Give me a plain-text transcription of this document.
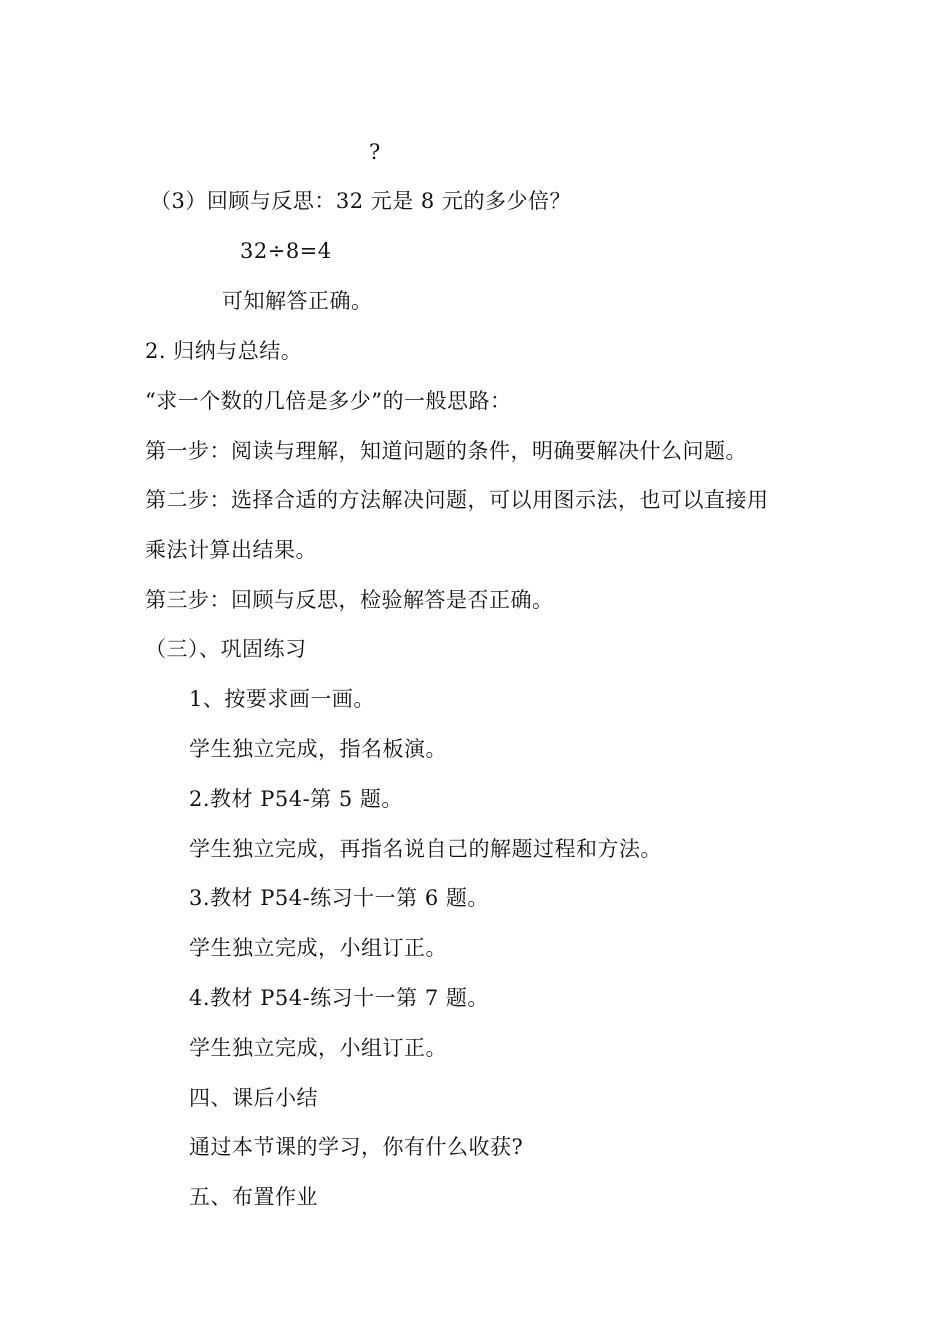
?
（3）回顾与反思：32 元是 8 元的多少倍？
32÷8=4
可知解答正确。
2. 归纳与总结。
“求一个数的几倍是多少”的一般思路：
第一步：阅读与理解，知道问题的条件，明确要解决什么问题。
第二步：选择合适的方法解决问题，可以用图示法，也可以直接用
乘法计算出结果。
第三步：回顾与反思，检验解答是否正确。
（三）、巩固练习
1、按要求画一画。
学生独立完成，指名板演。
2.教材 P54-第 5 题。
学生独立完成，再指名说自己的解题过程和方法。
3.教材 P54-练习十一第 6 题。
学生独立完成，小组订正。
4.教材 P54-练习十一第 7 题。
学生独立完成，小组订正。
四、课后小结
通过本节课的学习，你有什么收获?
五、布置作业
